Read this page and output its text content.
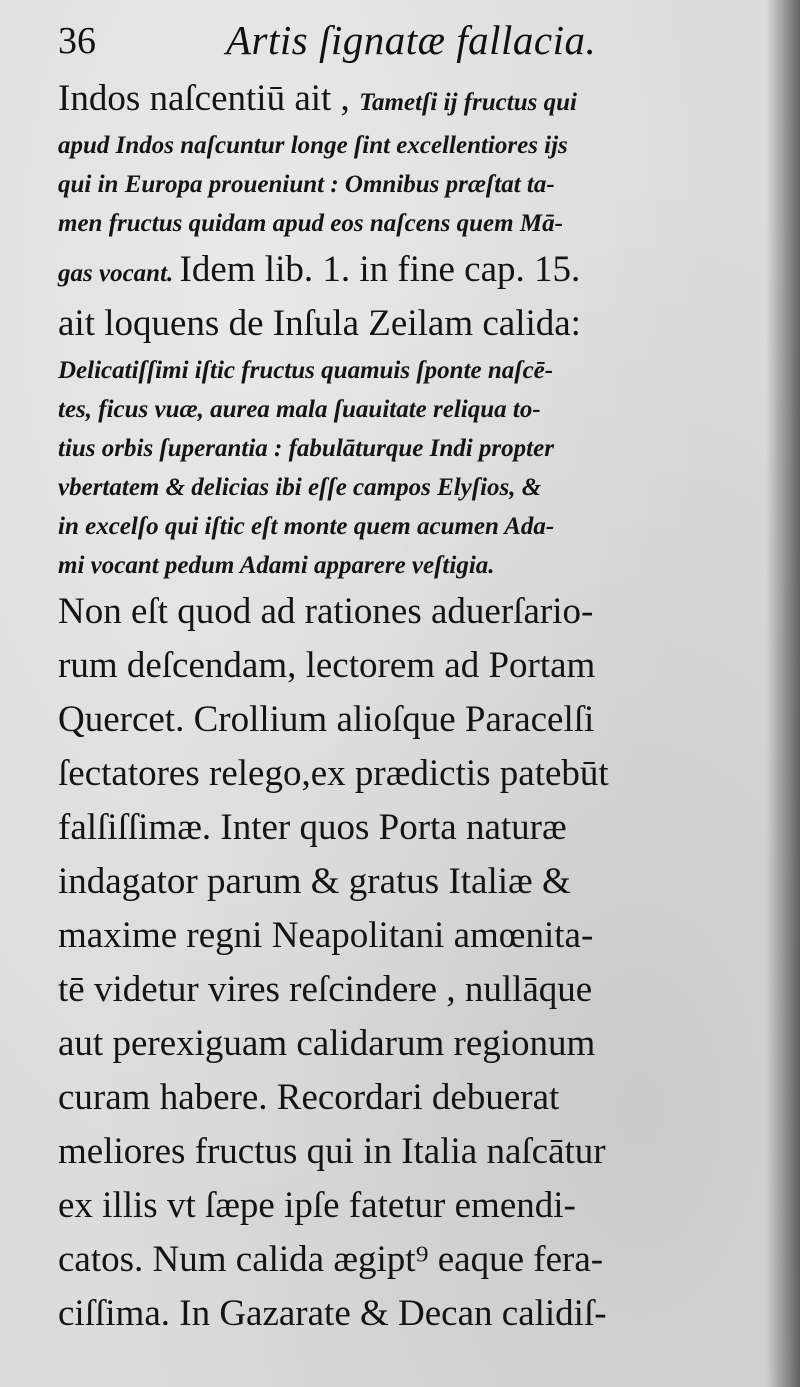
36	Artis ſignatæ fallacia.
Indos naſcentiū ait , Tametſi ij fructus qui
apud Indos naſcuntur longe ſint excellentiores ijs
qui in Europa proueniunt : Omnibus præſtat ta-
men fructus quidam apud eos naſcens quem Mā-
gas vocant. Idem lib. 1. in fine cap. 15.
ait loquens de Inſula Zeilam calida:
Delicatiſſimi iſtic fructus quamuis ſponte naſcē-
tes, ficus vuæ, aurea mala ſuauitate reliqua to-
tius orbis ſuperantia : fabulāturque Indi propter
vbertatem & delicias ibi eſſe campos Elyſios, &
in excelſo qui iſtic eſt monte quem acumen Ada-
mi vocant pedum Adami apparere veſtigia.
Non eſt quod ad rationes aduerſario-
rum deſcendam, lectorem ad Portam
Quercet. Crollium alioſque Paracelſi
ſectatores relego,ex prædictis patebūt
falſiſſimæ. Inter quos Porta naturæ
indagator parum & gratus Italiæ &
maxime regni Neapolitani amœnita-
tē videtur vires reſcindere , nullāque
aut perexiguam calidarum regionum
curam habere. Recordari debuerat
meliores fructus qui in Italia naſcātur
ex illis vt ſæpe ipſe fatetur emendi-
catos. Num calida ægipt⁹ eaque fera-
ciſſima. In Gazarate & Decan calidiſ-
